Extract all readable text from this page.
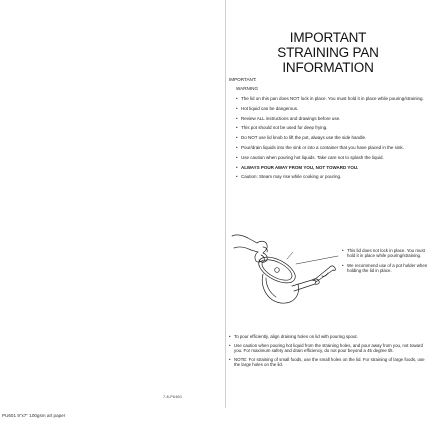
7-8-PU601
IMPORTANT
STRAINING PAN
INFORMATION
IMPORTANT:
WARNING
• The lid on this pan does NOT lock in place. You must hold it in place while pouring/straining.
• Hot liquid can be dangerous.
• Review ALL instructions and drawings before use.
• This pot should not be used for deep frying.
• Do NOT use lid knob to lift the pot, always use the side handle.
• Pour/drain liquids into the sink or into a container that you have placed in the sink.
• Use caution when pouring hot liquids. Take care not to splash the liquid.
• ALWAYS POUR AWAY FROM YOU, NOT TOWARD YOU.
• Caution: Steam may rise while cooking or pouring.
• This lid does not lock in place. You must hold it in place while pouring/straining.
• We recommend use of a pot holder when holding the lid in place.
• To pour efficiently, align draining holes on lid with pouring spout.
• Use caution when pouring hot liquid from the straining holes, and pour away from you, not toward you. For maximum safety and drain efficiency, do not pour beyond a 45 degree tilt.
• NOTE: For straining of small foods, use the small holes on the lid. For straining of large foods, use the large holes on the lid.
PU601 8"x7" 100gsm art paper
